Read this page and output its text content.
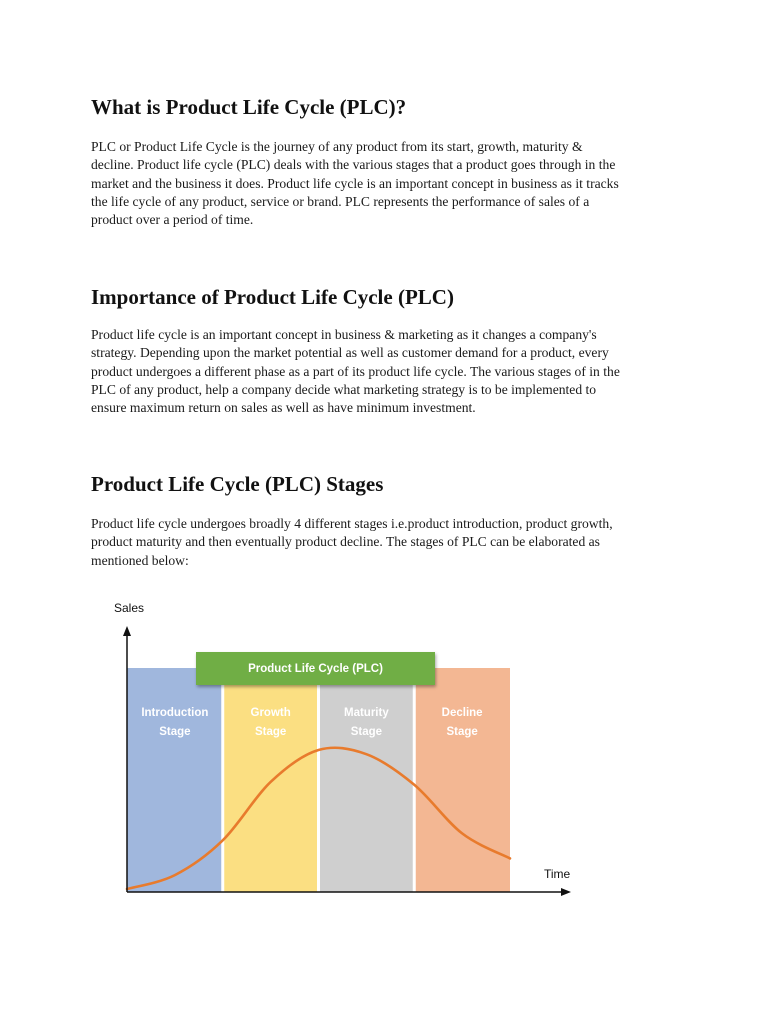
What is Product Life Cycle (PLC)?

PLC or Product Life Cycle is the journey of any product from its start, growth, maturity &
decline. Product life cycle (PLC) deals with the various stages that a product goes through in the
market and the business it does. Product life cycle is an important concept in business as it tracks
the life cycle of any product, service or brand. PLC represents the performance of sales of a
product over a period of time.

Importance of Product Life Cycle (PLC)

Product life cycle is an important concept in business & marketing as it changes a company's
strategy. Depending upon the market potential as well as customer demand for a product, every
product undergoes a different phase as a part of its product life cycle. The various stages of in the
PLC of any product, help a company decide what marketing strategy is to be implemented to
ensure maximum return on sales as well as have minimum investment.

Product Life Cycle (PLC) Stages

Product life cycle undergoes broadly 4 different stages i.e.product introduction, product growth,
product maturity and then eventually product decline. The stages of PLC can be elaborated as
mentioned below:

Introduction
Stage
Growth
Stage
Maturity
Stage
Decline
Stage
Product Life Cycle (PLC)
Sales
Time
